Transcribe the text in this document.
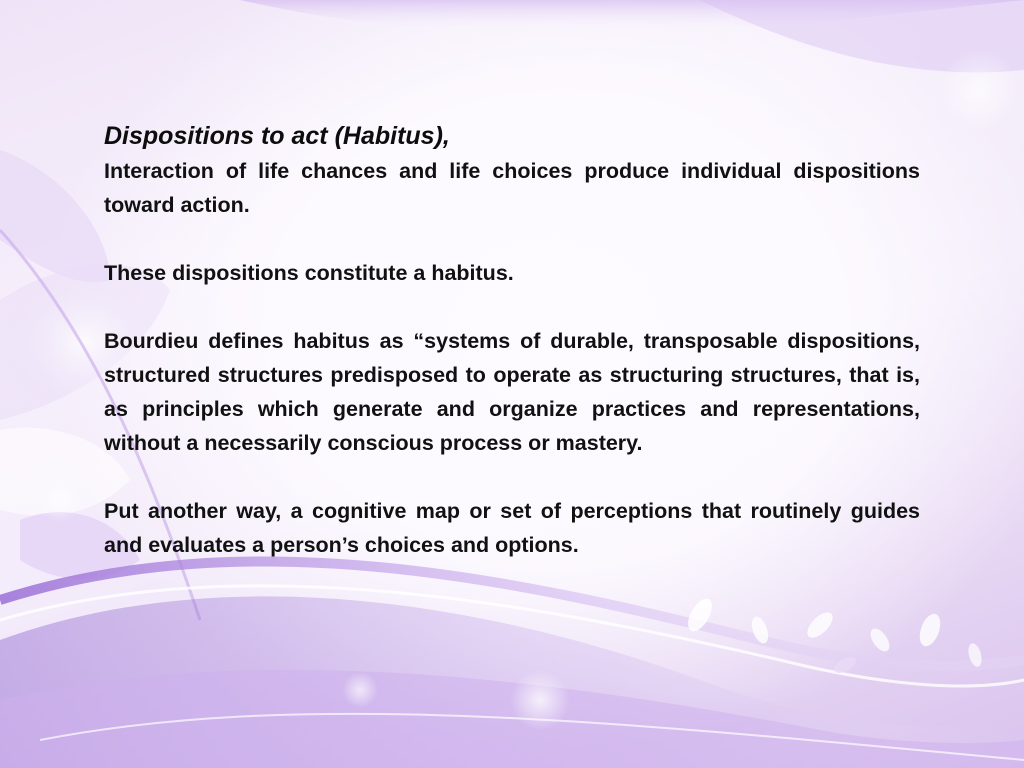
Dispositions to act (Habitus),

Interaction of life chances and life choices produce individual dispositions toward action.

These dispositions constitute a habitus.

Bourdieu defines habitus as “systems of durable, transposable dispositions, structured structures predisposed to operate as structuring structures, that is, as principles which generate and organize practices and representations, without a necessarily conscious process or mastery.

Put another way, a cognitive map or set of perceptions that routinely guides and evaluates a person’s choices and options.
